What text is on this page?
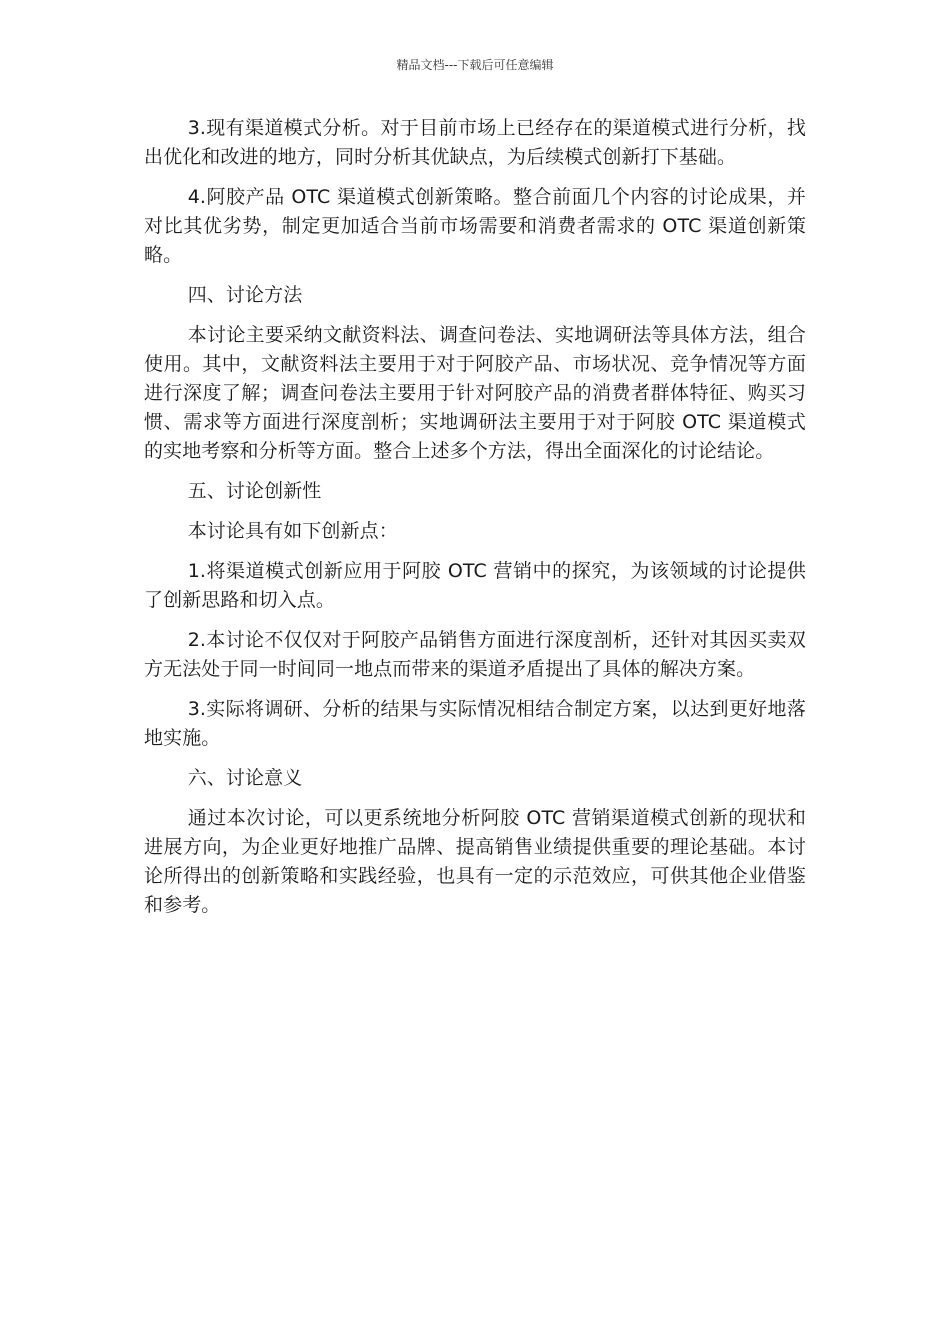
精品文档---下载后可任意编辑

3.现有渠道模式分析。对于目前市场上已经存在的渠道模式进行分析，找出优化和改进的地方，同时分析其优缺点，为后续模式创新打下基础。

4.阿胶产品 OTC 渠道模式创新策略。整合前面几个内容的讨论成果，并对比其优劣势，制定更加适合当前市场需要和消费者需求的 OTC 渠道创新策略。

四、讨论方法

本讨论主要采纳文献资料法、调查问卷法、实地调研法等具体方法，组合使用。其中，文献资料法主要用于对于阿胶产品、市场状况、竞争情况等方面进行深度了解；调查问卷法主要用于针对阿胶产品的消费者群体特征、购买习惯、需求等方面进行深度剖析；实地调研法主要用于对于阿胶 OTC 渠道模式的实地考察和分析等方面。整合上述多个方法，得出全面深化的讨论结论。

五、讨论创新性

本讨论具有如下创新点：

1.将渠道模式创新应用于阿胶 OTC 营销中的探究，为该领域的讨论提供了创新思路和切入点。

2.本讨论不仅仅对于阿胶产品销售方面进行深度剖析，还针对其因买卖双方无法处于同一时间同一地点而带来的渠道矛盾提出了具体的解决方案。

3.实际将调研、分析的结果与实际情况相结合制定方案，以达到更好地落地实施。

六、讨论意义

通过本次讨论，可以更系统地分析阿胶 OTC 营销渠道模式创新的现状和进展方向，为企业更好地推广品牌、提高销售业绩提供重要的理论基础。本讨论所得出的创新策略和实践经验，也具有一定的示范效应，可供其他企业借鉴和参考。
